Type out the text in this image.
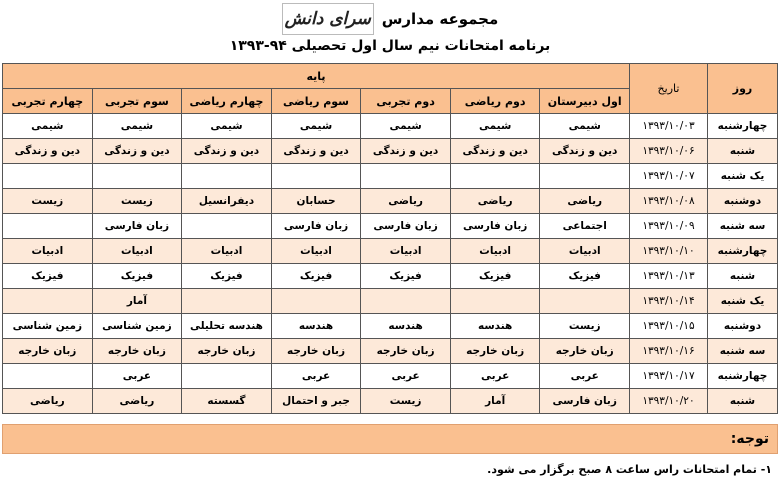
مجموعه مدارس
سرای دانش
برنامه امتحانات نیم سال اول تحصیلی ۹۴-۱۳۹۳
روز	تاریخ	پایه						
		اول دبیرستان	دوم ریاضی	دوم تجربی	سوم ریاضی	چهارم ریاضی	سوم تجربی	چهارم تجربی
چهارشنبه	۱۳۹۳/۱۰/۰۳	شیمی	شیمی	شیمی	شیمی	شیمی	شیمی	شیمی
شنبه	۱۳۹۳/۱۰/۰۶	دین و زندگی	دین و زندگی	دین و زندگی	دین و زندگی	دین و زندگی	دین و زندگی	دین و زندگی
یک شنبه	۱۳۹۳/۱۰/۰۷							
دوشنبه	۱۳۹۳/۱۰/۰۸	ریاضی	ریاضی	ریاضی	حسابان	دیفرانسیل	زیست	زیست
سه شنبه	۱۳۹۳/۱۰/۰۹	اجتماعی	زبان فارسی	زبان فارسی	زبان فارسی		زبان فارسی	
چهارشنبه	۱۳۹۳/۱۰/۱۰	ادبیات	ادبیات	ادبیات	ادبیات	ادبیات	ادبیات	ادبیات
شنبه	۱۳۹۳/۱۰/۱۳	فیزیک	فیزیک	فیزیک	فیزیک	فیزیک	فیزیک	فیزیک
یک شنبه	۱۳۹۳/۱۰/۱۴						آمار	
دوشنبه	۱۳۹۳/۱۰/۱۵	زیست	هندسه	هندسه	هندسه	هندسه تحلیلی	زمین شناسی	زمین شناسی
سه شنبه	۱۳۹۳/۱۰/۱۶	زبان خارجه	زبان خارجه	زبان خارجه	زبان خارجه	زبان خارجه	زبان خارجه	زبان خارجه
چهارشنبه	۱۳۹۳/۱۰/۱۷	عربی	عربی	عربی	عربی		عربی	
شنبه	۱۳۹۳/۱۰/۲۰	زبان فارسی	آمار	زیست	جبر و احتمال	گسسته	ریاضی	ریاضی
توجه:
۱- تمام امتحانات راس ساعت ۸ صبح برگزار می شود.
